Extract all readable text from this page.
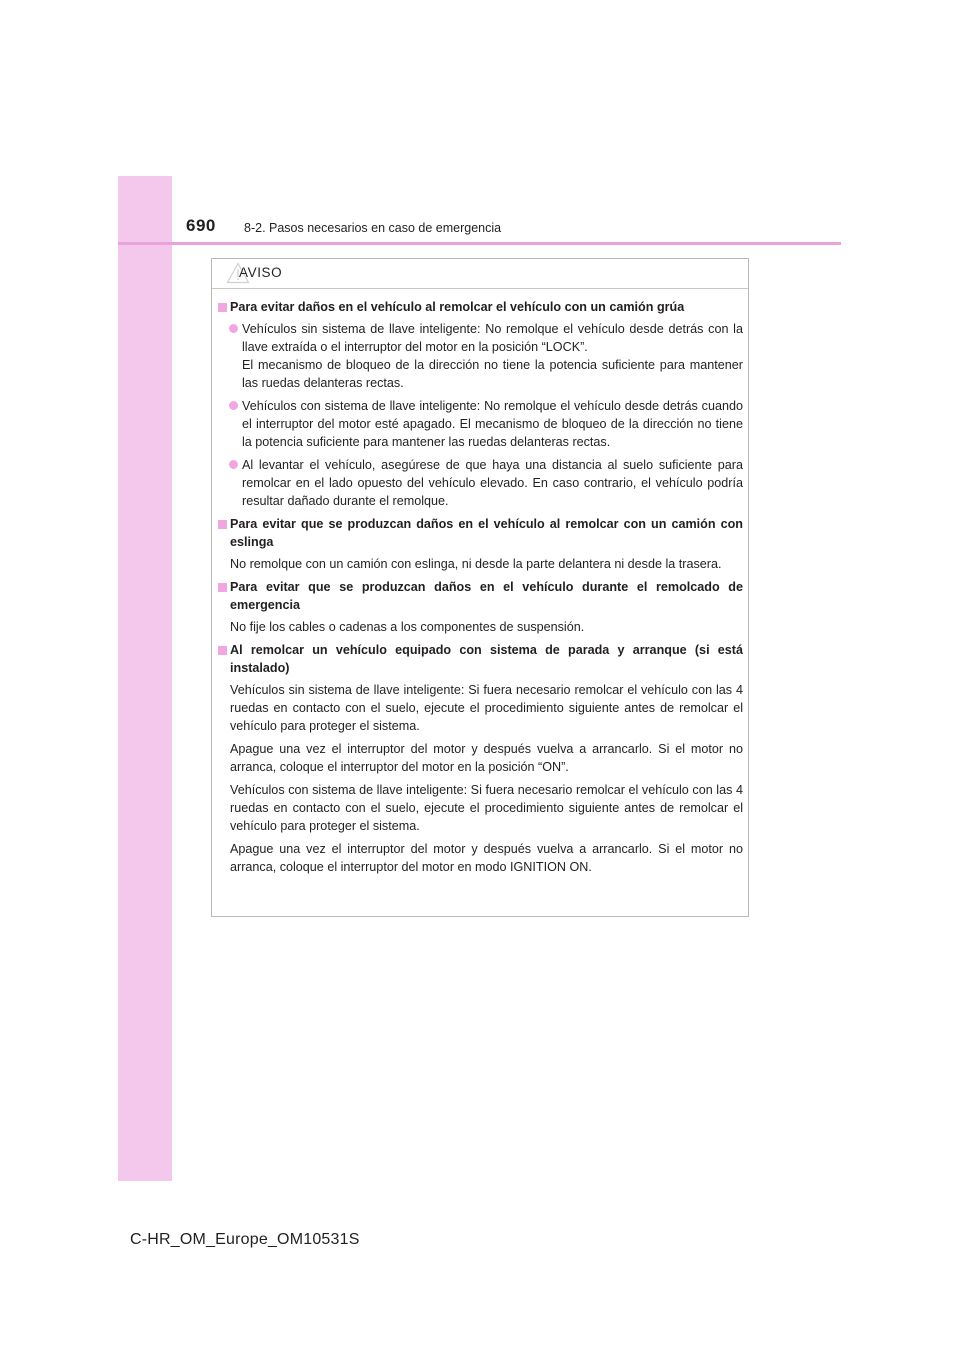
690 8-2. Pasos necesarios en caso de emergencia
AVISO
Para evitar daños en el vehículo al remolcar el vehículo con un camión grúa
Vehículos sin sistema de llave inteligente: No remolque el vehículo desde detrás con la llave extraída o el interruptor del motor en la posición “LOCK”.
El mecanismo de bloqueo de la dirección no tiene la potencia suficiente para mantener las ruedas delanteras rectas.
Vehículos con sistema de llave inteligente: No remolque el vehículo desde detrás cuando el interruptor del motor esté apagado. El mecanismo de bloqueo de la dirección no tiene la potencia suficiente para mantener las ruedas delanteras rectas.
Al levantar el vehículo, asegúrese de que haya una distancia al suelo suficiente para remolcar en el lado opuesto del vehículo elevado. En caso contrario, el vehículo podría resultar dañado durante el remolque.
Para evitar que se produzcan daños en el vehículo al remolcar con un camión con eslinga
No remolque con un camión con eslinga, ni desde la parte delantera ni desde la trasera.
Para evitar que se produzcan daños en el vehículo durante el remolcado de emergencia
No fije los cables o cadenas a los componentes de suspensión.
Al remolcar un vehículo equipado con sistema de parada y arranque (si está instalado)
Vehículos sin sistema de llave inteligente: Si fuera necesario remolcar el vehículo con las 4 ruedas en contacto con el suelo, ejecute el procedimiento siguiente antes de remolcar el vehículo para proteger el sistema.
Apague una vez el interruptor del motor y después vuelva a arrancarlo. Si el motor no arranca, coloque el interruptor del motor en la posición “ON”.
Vehículos con sistema de llave inteligente: Si fuera necesario remolcar el vehículo con las 4 ruedas en contacto con el suelo, ejecute el procedimiento siguiente antes de remolcar el vehículo para proteger el sistema.
Apague una vez el interruptor del motor y después vuelva a arrancarlo. Si el motor no arranca, coloque el interruptor del motor en modo IGNITION ON.
C-HR_OM_Europe_OM10531S
